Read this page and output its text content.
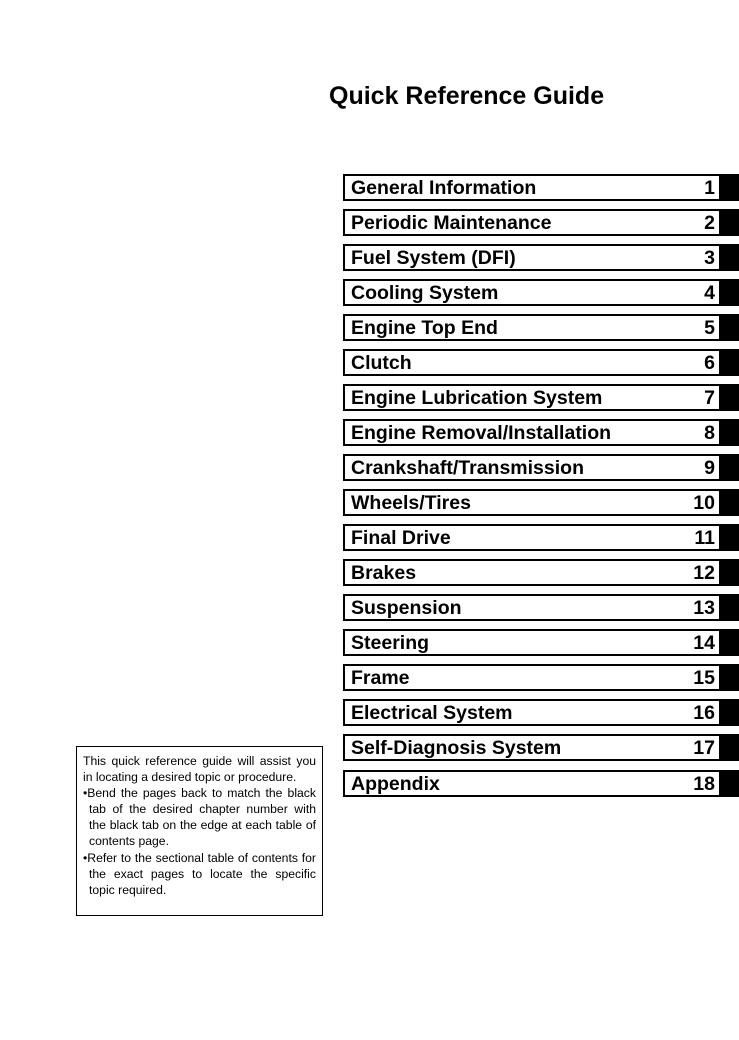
Quick Reference Guide
General Information	1
Periodic Maintenance	2
Fuel System (DFI)	3
Cooling System	4
Engine Top End	5
Clutch	6
Engine Lubrication System	7
Engine Removal/Installation	8
Crankshaft/Transmission	9
Wheels/Tires	10
Final Drive	11
Brakes	12
Suspension	13
Steering	14
Frame	15
Electrical System	16
Self-Diagnosis System	17
Appendix	18

This quick reference guide will assist you in locating a desired topic or procedure.

•Bend the pages back to match the black tab of the desired chapter number with the black tab on the edge at each table of contents page.

•Refer to the sectional table of contents for the exact pages to locate the specific topic required.
